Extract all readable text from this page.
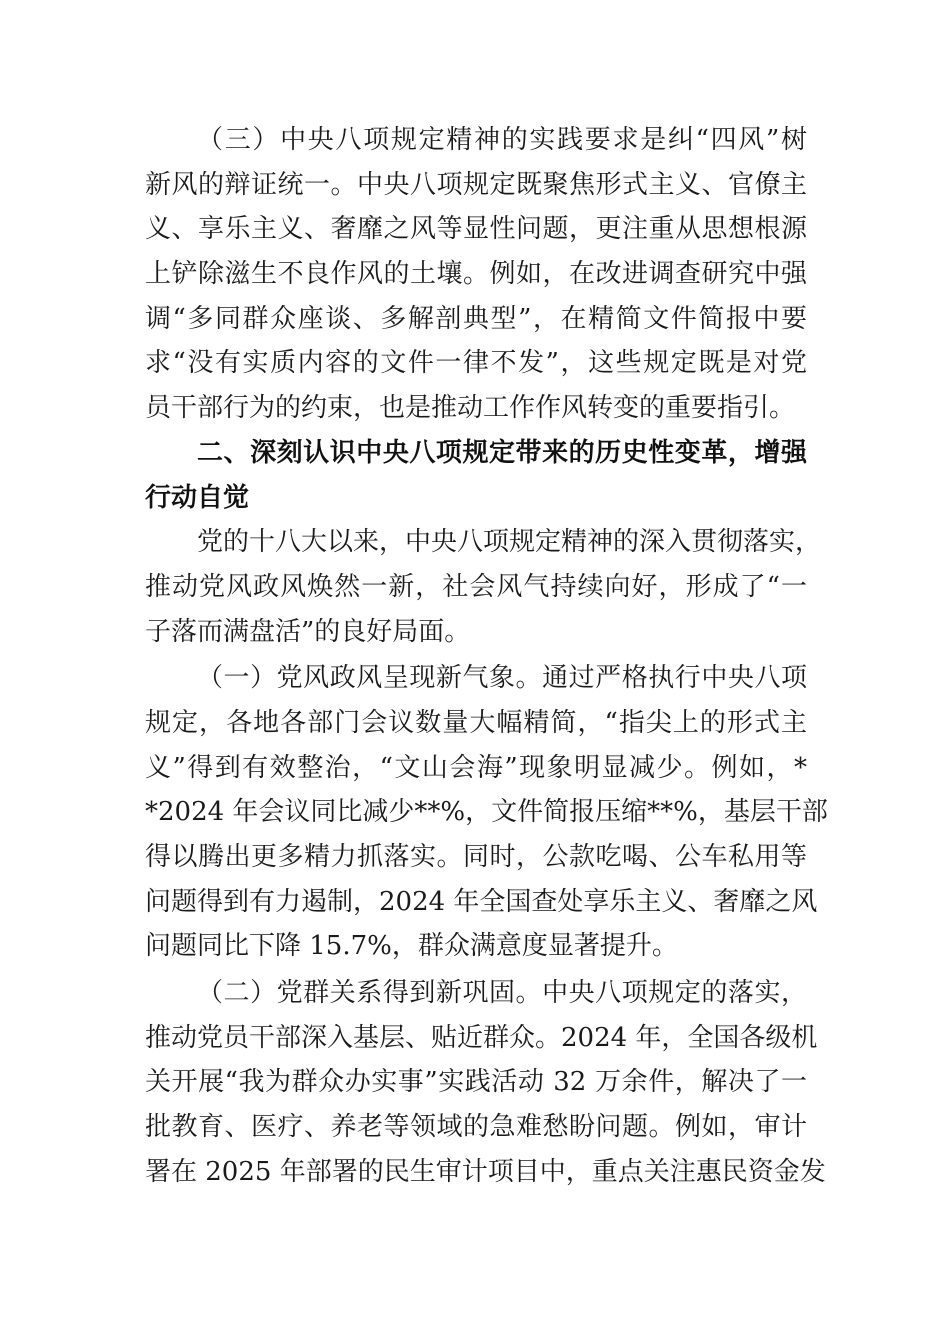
（三）中央八项规定精神的实践要求是纠“四风”树
新风的辩证统一。中央八项规定既聚焦形式主义、官僚主
义、享乐主义、奢靡之风等显性问题，更注重从思想根源
上铲除滋生不良作风的土壤。例如，在改进调查研究中强
调“多同群众座谈、多解剖典型”，在精简文件简报中要
求“没有实质内容的文件一律不发”，这些规定既是对党
员干部行为的约束，也是推动工作作风转变的重要指引。
二、深刻认识中央八项规定带来的历史性变革，增强
行动自觉
党的十八大以来，中央八项规定精神的深入贯彻落实，
推动党风政风焕然一新，社会风气持续向好，形成了“一
子落而满盘活”的良好局面。
（一）党风政风呈现新气象。通过严格执行中央八项
规定，各地各部门会议数量大幅精简，“指尖上的形式主
义”得到有效整治，“文山会海”现象明显减少。例如，*
*2024 年会议同比减少**%，文件简报压缩**%，基层干部
得以腾出更多精力抓落实。同时，公款吃喝、公车私用等
问题得到有力遏制，2024 年全国查处享乐主义、奢靡之风
问题同比下降 15.7%，群众满意度显著提升。
（二）党群关系得到新巩固。中央八项规定的落实，
推动党员干部深入基层、贴近群众。2024 年，全国各级机
关开展“我为群众办实事”实践活动 32 万余件，解决了一
批教育、医疗、养老等领域的急难愁盼问题。例如，审计
署在 2025 年部署的民生审计项目中，重点关注惠民资金发
